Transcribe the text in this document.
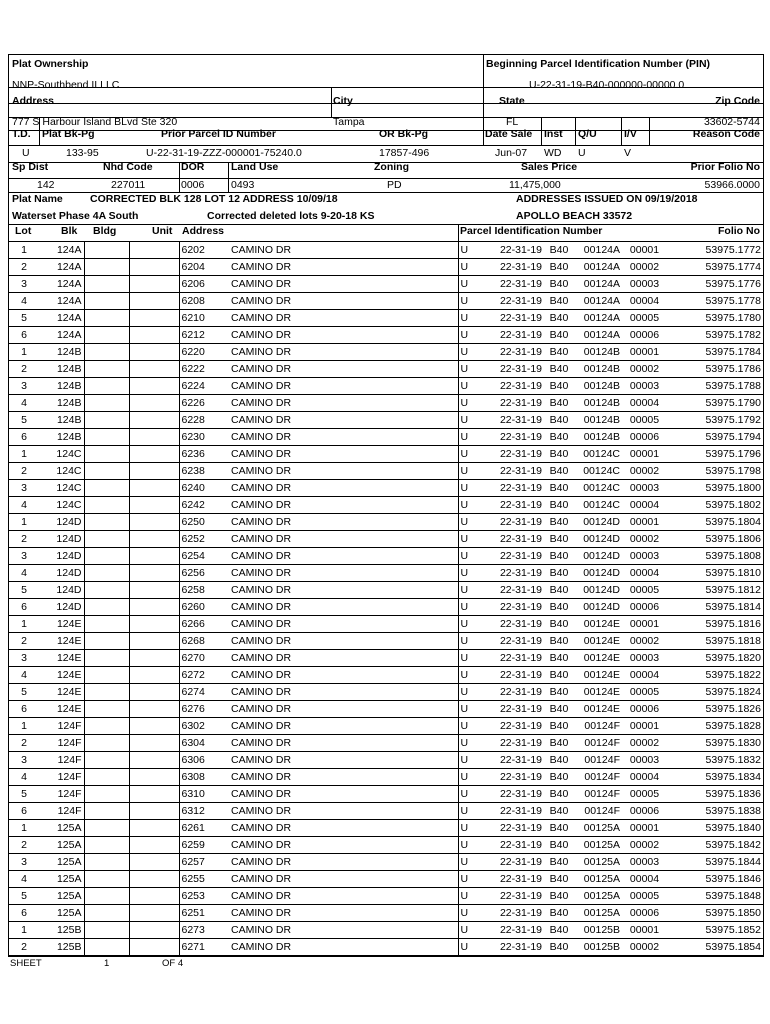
Plat Ownership	Beginning Parcel Identification Number (PIN)
NNP-Southbend II LLC	U-22-31-19-B40-000000-00000.0
Address	City	State	Zip Code
777 S Harbour Island BLvd Ste 320	Tampa	FL	33602-5744
T.D. Plat Bk-Pg	Prior Parcel ID Number	OR Bk-Pg	Date Sale Inst Q/U	I/V	Reason Code
U	133-95	U-22-31-19-ZZZ-000001-75240.0	17857-496	Jun-07 WD U	V
Sp Dist	Nhd Code	DOR	Land Use	Zoning	Sales Price	Prior Folio No
142	227011	0006	0493	PD	11,475,000	53966.0000
Plat Name	CORRECTED BLK 128 LOT 12 ADDRESS 10/09/18	ADDRESSES ISSUED ON 09/19/2018
Waterset Phase 4A South	Corrected deleted lots 9-20-18 KS	APOLLO BEACH 33572
Lot	Blk Bldg	Unit Address	Parcel Identification Number	Folio No
1	124A			6202	CAMINO DR	U	22-31-19	B40	00124A	00001	53975.1772
2	124A			6204	CAMINO DR	U	22-31-19	B40	00124A	00002	53975.1774
3	124A			6206	CAMINO DR	U	22-31-19	B40	00124A	00003	53975.1776
4	124A			6208	CAMINO DR	U	22-31-19	B40	00124A	00004	53975.1778
5	124A			6210	CAMINO DR	U	22-31-19	B40	00124A	00005	53975.1780
6	124A			6212	CAMINO DR	U	22-31-19	B40	00124A	00006	53975.1782
1	124B			6220	CAMINO DR	U	22-31-19	B40	00124B	00001	53975.1784
2	124B			6222	CAMINO DR	U	22-31-19	B40	00124B	00002	53975.1786
3	124B			6224	CAMINO DR	U	22-31-19	B40	00124B	00003	53975.1788
4	124B			6226	CAMINO DR	U	22-31-19	B40	00124B	00004	53975.1790
5	124B			6228	CAMINO DR	U	22-31-19	B40	00124B	00005	53975.1792
6	124B			6230	CAMINO DR	U	22-31-19	B40	00124B	00006	53975.1794
1	124C			6236	CAMINO DR	U	22-31-19	B40	00124C	00001	53975.1796
2	124C			6238	CAMINO DR	U	22-31-19	B40	00124C	00002	53975.1798
3	124C			6240	CAMINO DR	U	22-31-19	B40	00124C	00003	53975.1800
4	124C			6242	CAMINO DR	U	22-31-19	B40	00124C	00004	53975.1802
1	124D			6250	CAMINO DR	U	22-31-19	B40	00124D	00001	53975.1804
2	124D			6252	CAMINO DR	U	22-31-19	B40	00124D	00002	53975.1806
3	124D			6254	CAMINO DR	U	22-31-19	B40	00124D	00003	53975.1808
4	124D			6256	CAMINO DR	U	22-31-19	B40	00124D	00004	53975.1810
5	124D			6258	CAMINO DR	U	22-31-19	B40	00124D	00005	53975.1812
6	124D			6260	CAMINO DR	U	22-31-19	B40	00124D	00006	53975.1814
1	124E			6266	CAMINO DR	U	22-31-19	B40	00124E	00001	53975.1816
2	124E			6268	CAMINO DR	U	22-31-19	B40	00124E	00002	53975.1818
3	124E			6270	CAMINO DR	U	22-31-19	B40	00124E	00003	53975.1820
4	124E			6272	CAMINO DR	U	22-31-19	B40	00124E	00004	53975.1822
5	124E			6274	CAMINO DR	U	22-31-19	B40	00124E	00005	53975.1824
6	124E			6276	CAMINO DR	U	22-31-19	B40	00124E	00006	53975.1826
1	124F			6302	CAMINO DR	U	22-31-19	B40	00124F	00001	53975.1828
2	124F			6304	CAMINO DR	U	22-31-19	B40	00124F	00002	53975.1830
3	124F			6306	CAMINO DR	U	22-31-19	B40	00124F	00003	53975.1832
4	124F			6308	CAMINO DR	U	22-31-19	B40	00124F	00004	53975.1834
5	124F			6310	CAMINO DR	U	22-31-19	B40	00124F	00005	53975.1836
6	124F			6312	CAMINO DR	U	22-31-19	B40	00124F	00006	53975.1838
1	125A			6261	CAMINO DR	U	22-31-19	B40	00125A	00001	53975.1840
2	125A			6259	CAMINO DR	U	22-31-19	B40	00125A	00002	53975.1842
3	125A			6257	CAMINO DR	U	22-31-19	B40	00125A	00003	53975.1844
4	125A			6255	CAMINO DR	U	22-31-19	B40	00125A	00004	53975.1846
5	125A			6253	CAMINO DR	U	22-31-19	B40	00125A	00005	53975.1848
6	125A			6251	CAMINO DR	U	22-31-19	B40	00125A	00006	53975.1850
1	125B			6273	CAMINO DR	U	22-31-19	B40	00125B	00001	53975.1852
2	125B			6271	CAMINO DR	U	22-31-19	B40	00125B	00002	53975.1854
SHEET	1	OF 4
